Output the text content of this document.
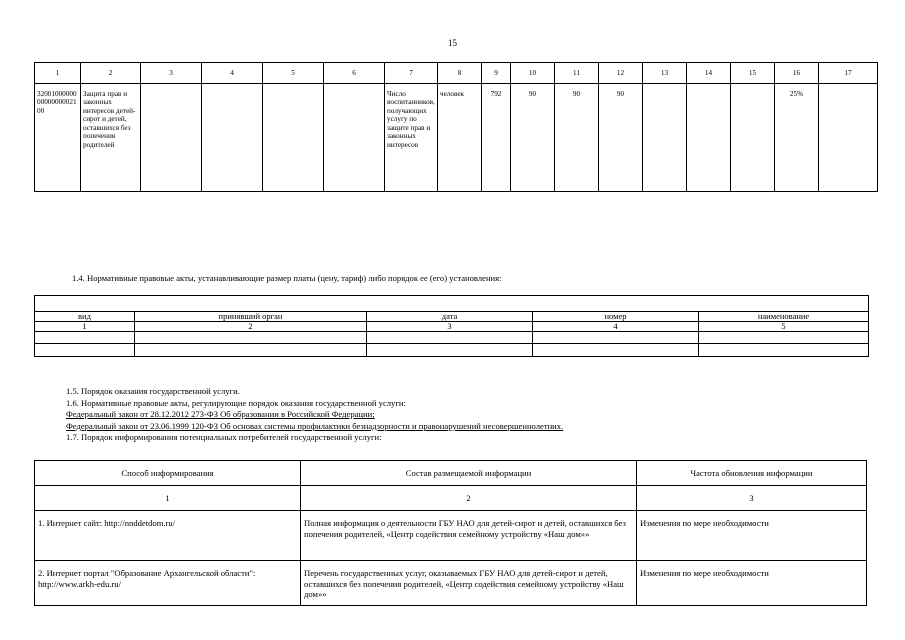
15
1	2	3	4	5	6	7	8	9	10	11	12	13	14	15	16	17
320010000000000000002100	Защита прав и законных интересов детей-сирот и детей, оставшихся без попечения родителей					Число воспитанников, получающих услугу по защите прав и законных интересов	человек	792	90	90	90				25%	
1.4. Нормативные правовые акты, устанавливающие размер платы (цену, тариф) либо порядок ее (его) установления:

вид	принявший орган	дата	номер	наименование
1	2	3	4	5

1.5. Порядок оказания государственной услуги.
1.6. Нормативные правовые акты, регулирующие порядок оказания государственной услуги:
Федеральный закон от 28.12.2012 273-ФЗ Об образовании в Российской Федерации;
Федеральный закон от 23.06.1999 120-ФЗ Об основах системы профилактики безнадзорности и правонарушений несовершеннолетних.
1.7. Порядок информирования потенциальных потребителей государственной услуги:
Способ информирования	Состав размещаемой информации	Частота обновления информации
1	2	3
1. Интернет сайт: http://nnddetdom.ru/	Полная информация о деятельности ГБУ НАО для детей-сирот и детей, оставшихся без попечения родителей, «Центр содействия семейному устройству «Наш дом»»	Изменения по мере необходимости
2. Интернет портал "Образование Архангельской области": http://www.arkh-edu.ru/	Перечень государственных услуг, оказываемых ГБУ НАО для детей-сирот и детей, оставшихся без попечения родителей, «Центр содействия семейному устройству «Наш дом»»	Изменения по мере необходимости
